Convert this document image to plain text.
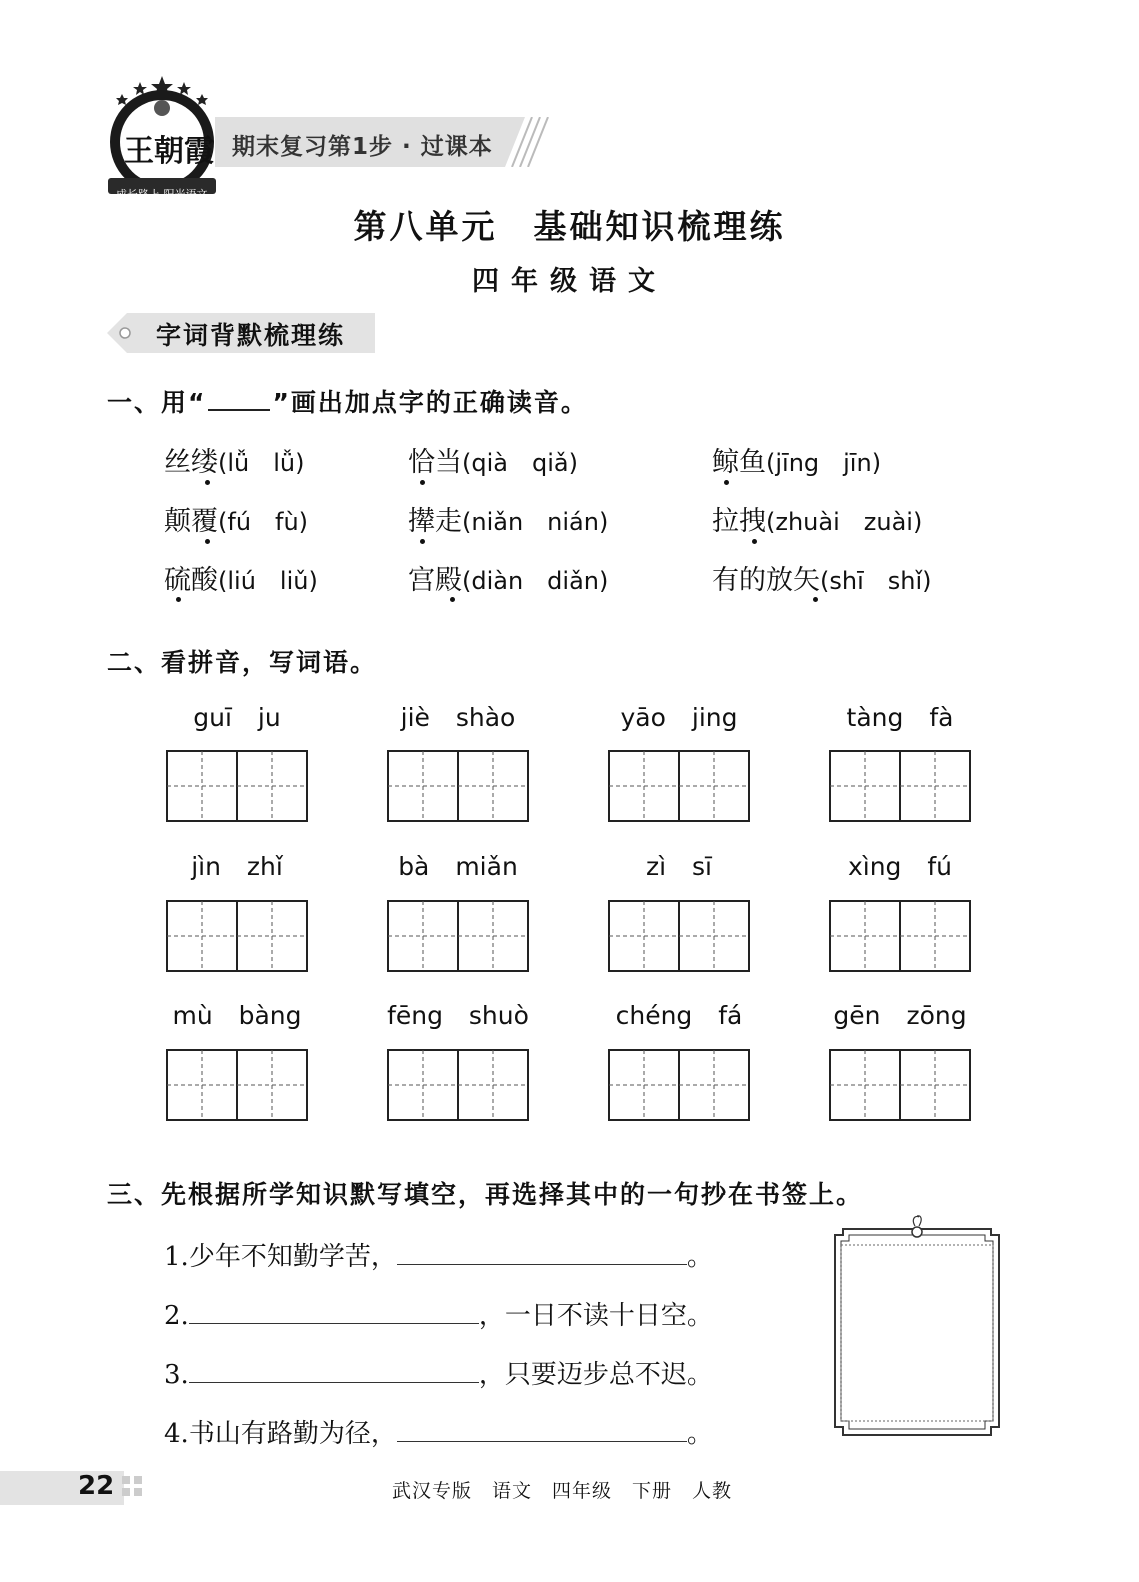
王朝霞
成长路上 阳光语文
期末复习第1步 · 过课本
第八单元　基础知识梳理练
四年级语文
字词背默梳理练
一、用“	”画出加点字的正确读音。
丝缕(lǚ　lǚ)	恰当(qià　qiǎ)	鲸鱼(jīng　jīn)
颠覆(fú　fù)	撵走(niǎn　nián)	拉拽(zhuài　zuài)
硫酸(liú　liǔ)	宫殿(diàn　diǎn)	有的放矢(shī　shǐ)
二、看拼音，写词语。
guī ju	jiè shào	yāo jing	tàng fà
jìn zhǐ	bà miǎn	zì sī	xìng fú
mù bàng	fēng shuò	chéng fá	gēn zōng
三、先根据所学知识默写填空，再选择其中的一句抄在书签上。
1.少年不知勤学苦，	。
2.	，一日不读十日空。
3.	，只要迈步总不迟。
4.书山有路勤为径，	。
22	武汉专版　语文　四年级　下册　人教
